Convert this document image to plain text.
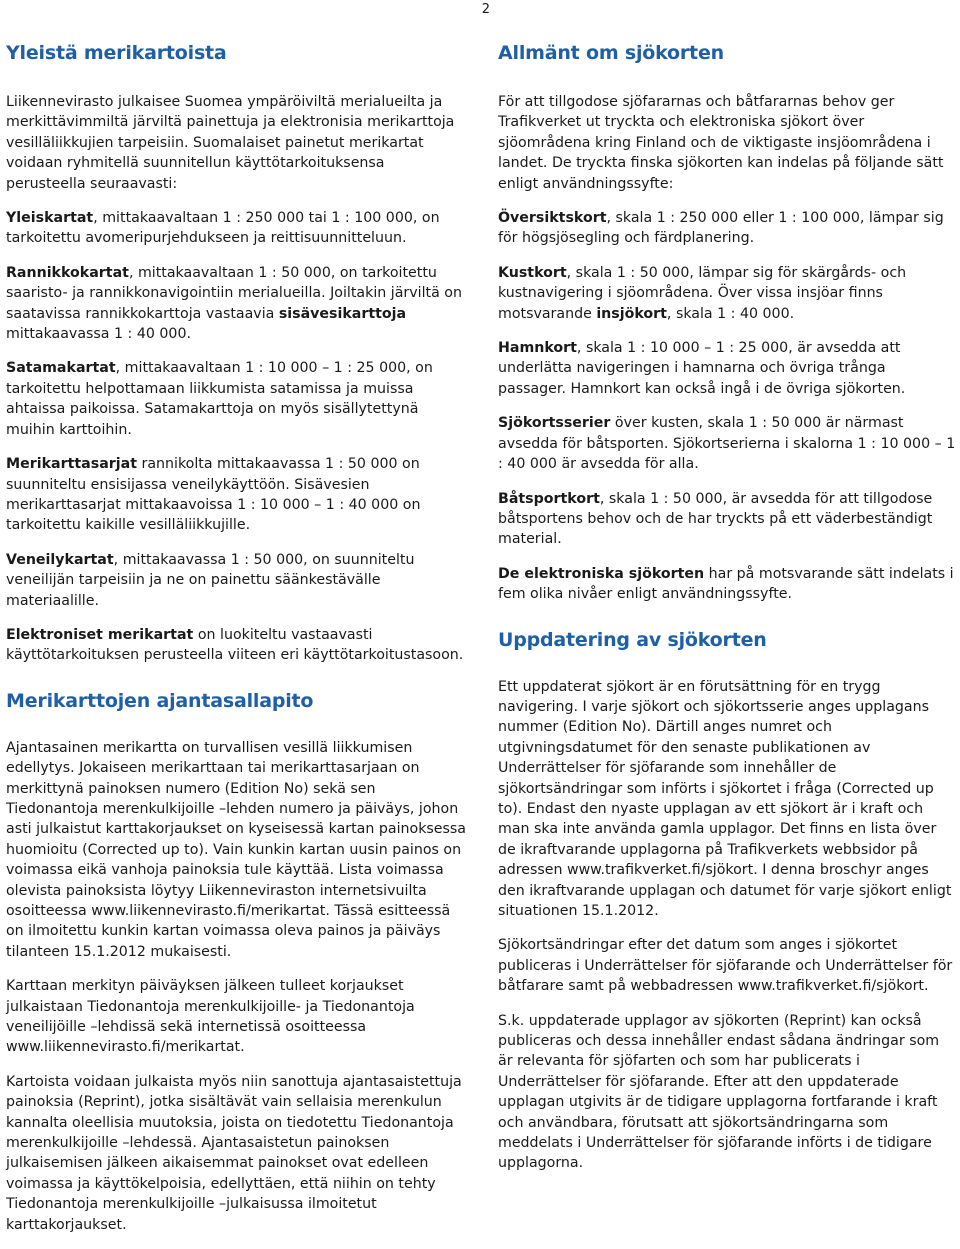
2
Yleistä merikartoista

Liikennevirasto julkaisee Suomea ympäröiviltä merialueilta ja merkittävimmiltä järviltä painettuja ja elektronisia merikarttoja vesilläliikkujien tarpeisiin. Suomalaiset painetut merikartat voidaan ryhmitellä suunnitellun käyttötarkoituksensa perusteella seuraavasti:

Yleiskartat, mittakaavaltaan 1 : 250 000 tai 1 : 100 000, on tarkoitettu avomeripurjehdukseen ja reittisuunnitteluun.

Rannikkokartat, mittakaavaltaan 1 : 50 000, on tarkoitettu saaristo- ja rannikkonavigointiin merialueilla. Joiltakin järviltä on saatavissa rannikkokarttoja vastaavia sisävesikarttoja mittakaavassa 1 : 40 000.

Satamakartat, mittakaavaltaan 1 : 10 000 – 1 : 25 000, on tarkoitettu helpottamaan liikkumista satamissa ja muissa ahtaissa paikoissa. Satamakarttoja on myös sisällytettynä muihin karttoihin.

Merikarttasarjat rannikolta mittakaavassa 1 : 50 000 on suunniteltu ensisijassa veneilykäyttöön. Sisävesien merikarttasarjat mittakaavoissa 1 : 10 000 – 1 : 40 000 on tarkoitettu kaikille vesilläliikkujille.

Veneilykartat, mittakaavassa 1 : 50 000, on suunniteltu veneilijän tarpeisiin ja ne on painettu säänkestävälle materiaalille.

Elektroniset merikartat on luokiteltu vastaavasti käyttötarkoituksen perusteella viiteen eri käyttötarkoitustasoon.

Merikarttojen ajantasallapito

Ajantasainen merikartta on turvallisen vesillä liikkumisen edellytys. Jokaiseen merikarttaan tai merikarttasarjaan on merkittynä painoksen numero (Edition No) sekä sen Tiedonantoja merenkulkijoille –lehden numero ja päiväys, johon asti julkaistut karttakorjaukset on kyseisessä kartan painoksessa huomioitu (Corrected up to). Vain kunkin kartan uusin painos on voimassa eikä vanhoja painoksia tule käyttää. Lista voimassa olevista painoksista löytyy Liikenneviraston internetsivuilta osoitteessa www.liikennevirasto.fi/merikartat. Tässä esitteessä on ilmoitettu kunkin kartan voimassa oleva painos ja päiväys tilanteen 15.1.2012 mukaisesti.

Karttaan merkityn päiväyksen jälkeen tulleet korjaukset julkaistaan Tiedonantoja merenkulkijoille- ja Tiedonantoja veneilijöille –lehdissä sekä internetissä osoitteessa www.liikennevirasto.fi/merikartat.

Kartoista voidaan julkaista myös niin sanottuja ajantasaistettuja painoksia (Reprint), jotka sisältävät vain sellaisia merenkulun kannalta oleellisia muutoksia, joista on tiedotettu Tiedonantoja merenkulkijoille –lehdessä. Ajantasaistetun painoksen julkaisemisen jälkeen aikaisemmat painokset ovat edelleen voimassa ja käyttökelpoisia, edellyttäen, että niihin on tehty Tiedonantoja merenkulkijoille –julkaisussa ilmoitetut karttakorjaukset.

Allmänt om sjökorten

För att tillgodose sjöfararnas och båtfararnas behov ger Trafikverket ut tryckta och elektroniska sjökort över sjöområdena kring Finland och de viktigaste insjöområdena i landet. De tryckta finska sjökorten kan indelas på följande sätt enligt användningssyfte:

Översiktskort, skala 1 : 250 000 eller 1 : 100 000, lämpar sig för högsjösegling och färdplanering.

Kustkort, skala 1 : 50 000, lämpar sig för skärgårds- och kustnavigering i sjöområdena. Över vissa insjöar finns motsvarande insjökort, skala 1 : 40 000.

Hamnkort, skala 1 : 10 000 – 1 : 25 000, är avsedda att underlätta navigeringen i hamnarna och övriga trånga passager. Hamnkort kan också ingå i de övriga sjökorten.

Sjökortsserier över kusten, skala 1 : 50 000 är närmast avsedda för båtsporten. Sjökortserierna i skalorna 1 : 10 000 – 1 : 40 000 är avsedda för alla.

Båtsportkort, skala 1 : 50 000, är avsedda för att tillgodose båtsportens behov och de har tryckts på ett väderbeständigt material.

De elektroniska sjökorten har på motsvarande sätt indelats i fem olika nivåer enligt användningssyfte.

Uppdatering av sjökorten

Ett uppdaterat sjökort är en förutsättning för en trygg navigering. I varje sjökort och sjökortsserie anges upplagans nummer (Edition No). Därtill anges numret och utgivningsdatumet för den senaste publikationen av Underrättelser för sjöfarande som innehåller de sjökortsändringar som införts i sjökortet i fråga (Corrected up to). Endast den nyaste upplagan av ett sjökort är i kraft och man ska inte använda gamla upplagor. Det finns en lista över de ikraftvarande upplagorna på Trafikverkets webbsidor på adressen www.trafikverket.fi/sjökort. I denna broschyr anges den ikraftvarande upplagan och datumet för varje sjökort enligt situationen 15.1.2012.

Sjökortsändringar efter det datum som anges i sjökortet publiceras i Underrättelser för sjöfarande och Underrättelser för båtfarare samt på webbadressen www.trafikverket.fi/sjökort.

S.k. uppdaterade upplagor av sjökorten (Reprint) kan också publiceras och dessa innehåller endast sådana ändringar som är relevanta för sjöfarten och som har publicerats i Underrättelser för sjöfarande. Efter att den uppdaterade upplagan utgivits är de tidigare upplagorna fortfarande i kraft och användbara, förutsatt att sjökortsändringarna som meddelats i Underrättelser för sjöfarande införts i de tidigare upplagorna.
